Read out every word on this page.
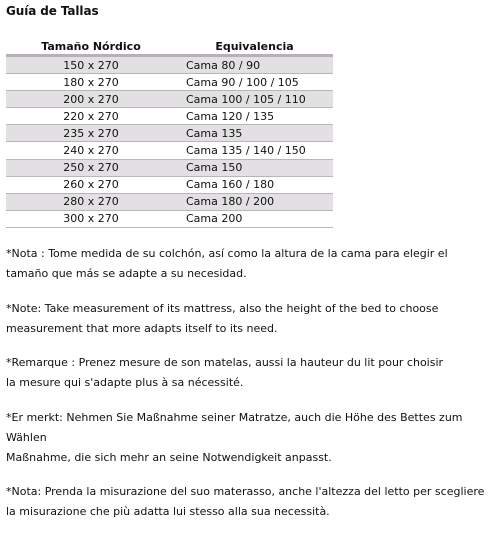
Guía de Tallas
Tamaño Nórdico	Equivalencia
150 x 270	Cama 80 / 90
180 x 270	Cama 90 / 100 / 105
200 x 270	Cama 100 / 105 / 110
220 x 270	Cama 120 / 135
235 x 270	Cama 135
240 x 270	Cama 135 / 140 / 150
250 x 270	Cama 150
260 x 270	Cama 160 / 180
280 x 270	Cama 180 / 200
300 x 270	Cama 200
*Nota : Tome medida de su colchón, así como la altura de la cama para elegir el
tamaño que más se adapte a su necesidad.
*Note: Take measurement of its mattress, also the height of the bed to choose
measurement that more adapts itself to its need.
*Remarque : Prenez mesure de son matelas, aussi la hauteur du lit pour choisir
la mesure qui s'adapte plus à sa nécessité.
*Er merkt: Nehmen Sie Maßnahme seiner Matratze, auch die Höhe des Bettes zum Wählen
Maßnahme, die sich mehr an seine Notwendigkeit anpasst.
*Nota: Prenda la misurazione del suo materasso, anche l'altezza del letto per scegliere
la misurazione che più adatta lui stesso alla sua necessità.
